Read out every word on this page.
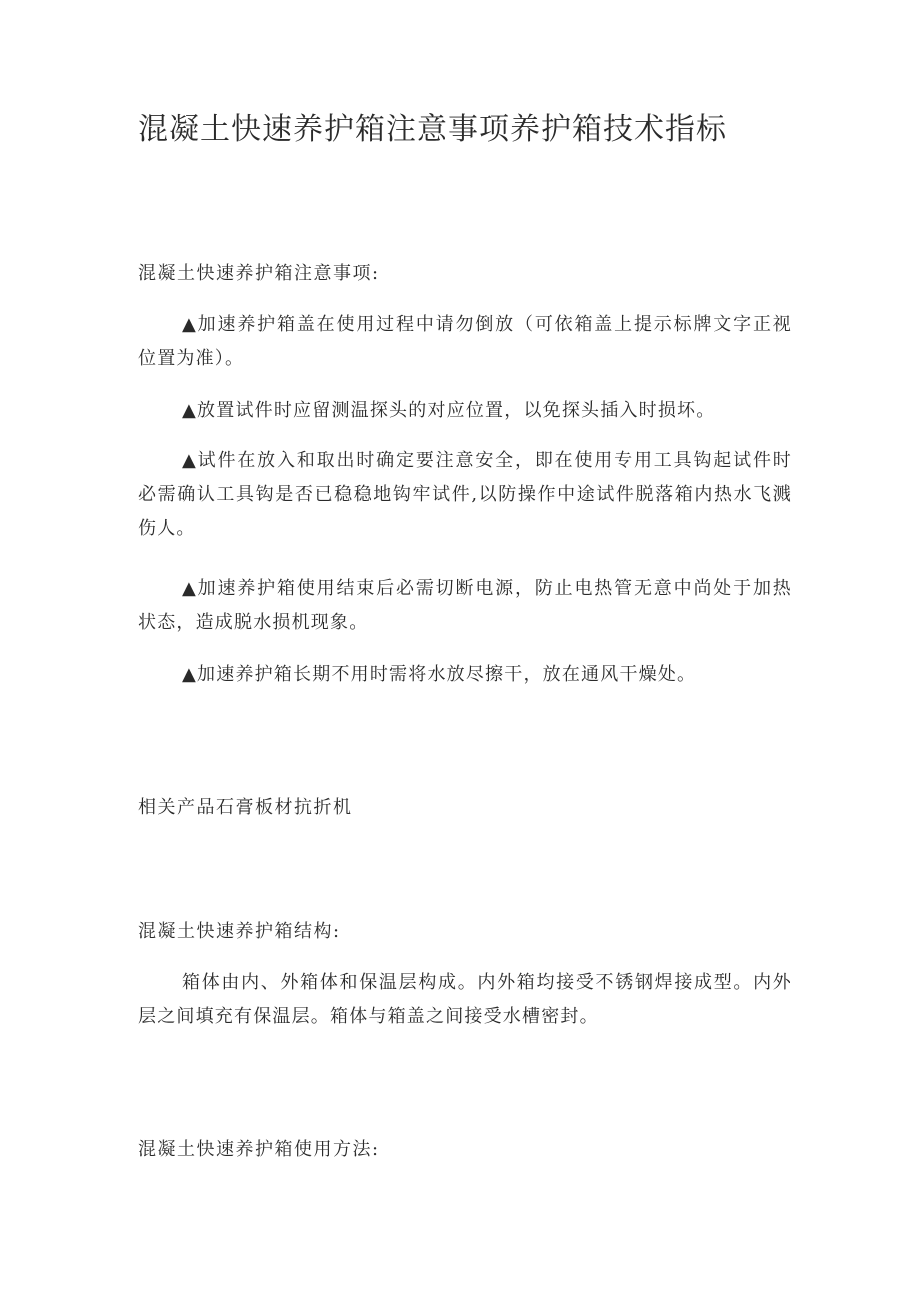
混凝土快速养护箱注意事项养护箱技术指标
混凝土快速养护箱注意事项:
▲加速养护箱盖在使用过程中请勿倒放（可依箱盖上提示标牌文字正视位置为准）。
▲放置试件时应留测温探头的对应位置，以免探头插入时损坏。
▲试件在放入和取出时确定要注意安全，即在使用专用工具钩起试件时必需确认工具钩是否已稳稳地钩牢试件,以防操作中途试件脱落箱内热水飞溅伤人。
▲加速养护箱使用结束后必需切断电源，防止电热管无意中尚处于加热状态，造成脱水损机现象。
▲加速养护箱长期不用时需将水放尽擦干，放在通风干燥处。
相关产品石膏板材抗折机
混凝土快速养护箱结构:
箱体由内、外箱体和保温层构成。内外箱均接受不锈钢焊接成型。内外层之间填充有保温层。箱体与箱盖之间接受水槽密封。
混凝土快速养护箱使用方法:
